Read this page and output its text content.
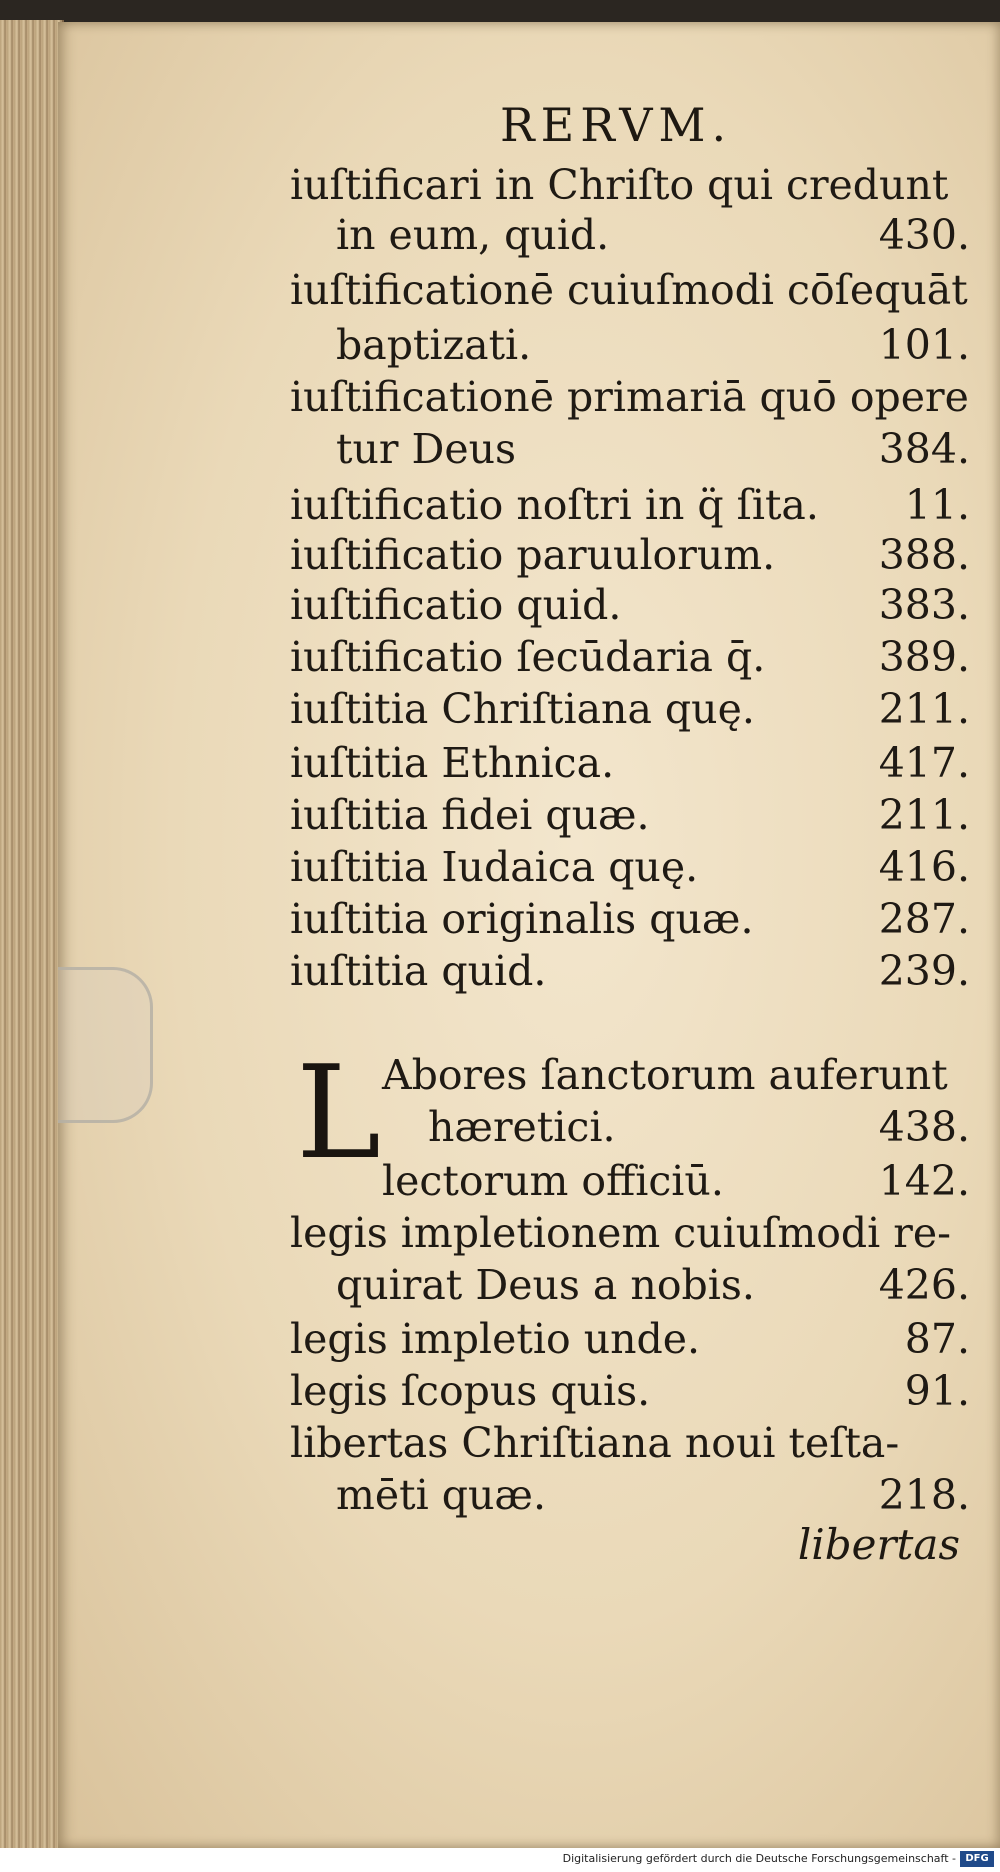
RERVM.
iuſtificari in Chriſto qui credunt
in eum, quid.	430.
iuſtificationē cuiuſmodi cōſequāt
baptizati.	101.
iuſtificationē primariā quō opere
tur Deus	384.
iuſtificatio noſtri in q̈ ſita. 11.
iuſtificatio paruulorum.	388.
iuſtificatio quid.	383.
iuſtificatio ſecūdaria q̄.	389.
iuſtitia Chriſtiana quę.	211.
iuſtitia Ethnica.	417.
iuſtitia fidei quæ.	211.
iuſtitia Iudaica quę.	416.
iuſtitia originalis quæ.	287.
iuſtitia quid.	239.
Abores ſanctorum auferunt
hæretici.	438.
lectorum officiū.	142.
legis impletionem cuiuſmodi re-
quirat Deus a nobis.	426.
legis impletio unde.	87.
legis ſcopus quis.	91.
libertas Chriſtiana noui teſta-
mēti quæ.	218.
L
libertas
Digitalisierung gefördert durch die Deutsche Forschungsgemeinschaft - DFG
